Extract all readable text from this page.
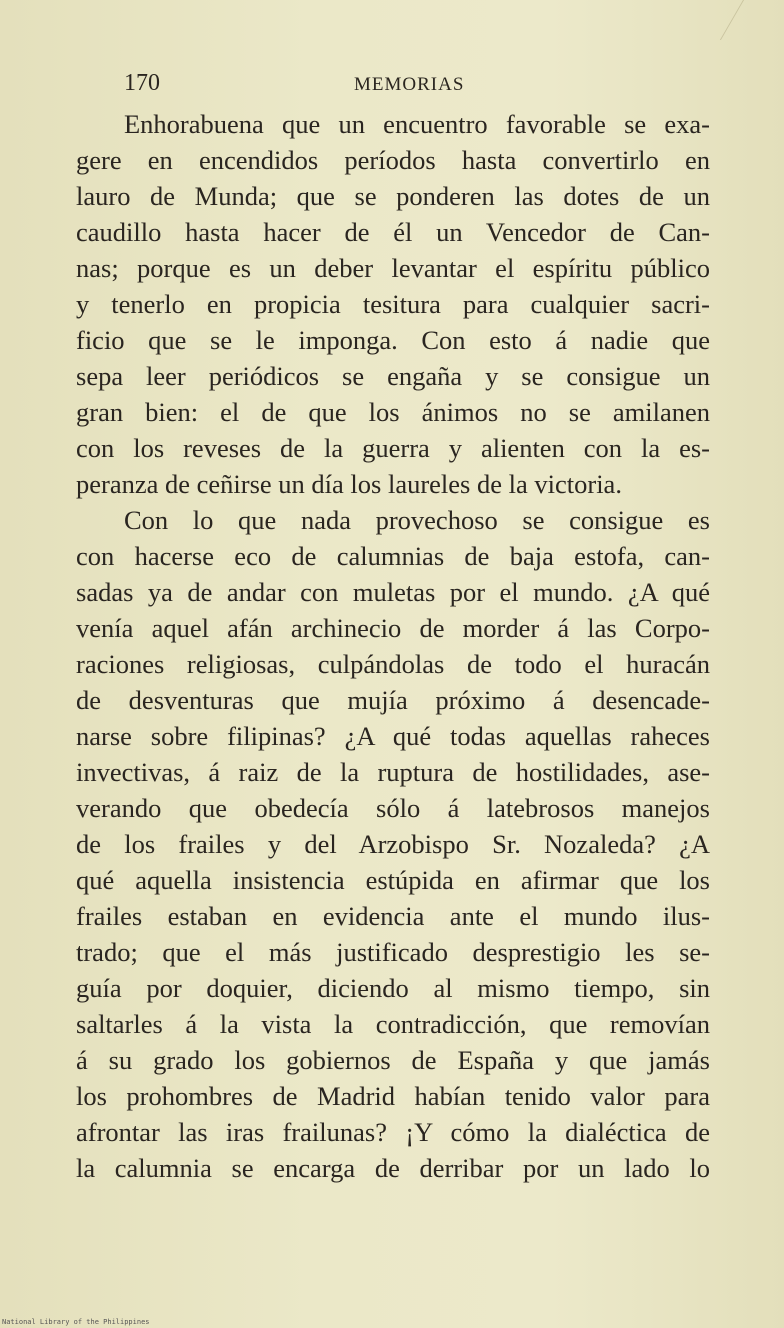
170	MEMORIAS
Enhorabuena que un encuentro favorable se exa-
gere en encendidos períodos hasta convertirlo en
lauro de Munda; que se ponderen las dotes de un
caudillo hasta hacer de él un Vencedor de Can-
nas; porque es un deber levantar el espíritu público
y tenerlo en propicia tesitura para cualquier sacri-
ficio que se le imponga. Con esto á nadie que
sepa leer periódicos se engaña y se consigue un
gran bien: el de que los ánimos no se amilanen
con los reveses de la guerra y alienten con la es-
peranza de ceñirse un día los laureles de la victoria.
Con lo que nada provechoso se consigue es
con hacerse eco de calumnias de baja estofa, can-
sadas ya de andar con muletas por el mundo. ¿A qué
venía aquel afán archinecio de morder á las Corpo-
raciones religiosas, culpándolas de todo el huracán
de desventuras que mujía próximo á desencade-
narse sobre filipinas? ¿A qué todas aquellas raheces
invectivas, á raiz de la ruptura de hostilidades, ase-
verando que obedecía sólo á latebrosos manejos
de los frailes y del Arzobispo Sr. Nozaleda? ¿A
qué aquella insistencia estúpida en afirmar que los
frailes estaban en evidencia ante el mundo ilus-
trado; que el más justificado desprestigio les se-
guía por doquier, diciendo al mismo tiempo, sin
saltarles á la vista la contradicción, que removían
á su grado los gobiernos de España y que jamás
los prohombres de Madrid habían tenido valor para
afrontar las iras frailunas? ¡Y cómo la dialéctica de
la calumnia se encarga de derribar por un lado lo
National Library of the Philippines
